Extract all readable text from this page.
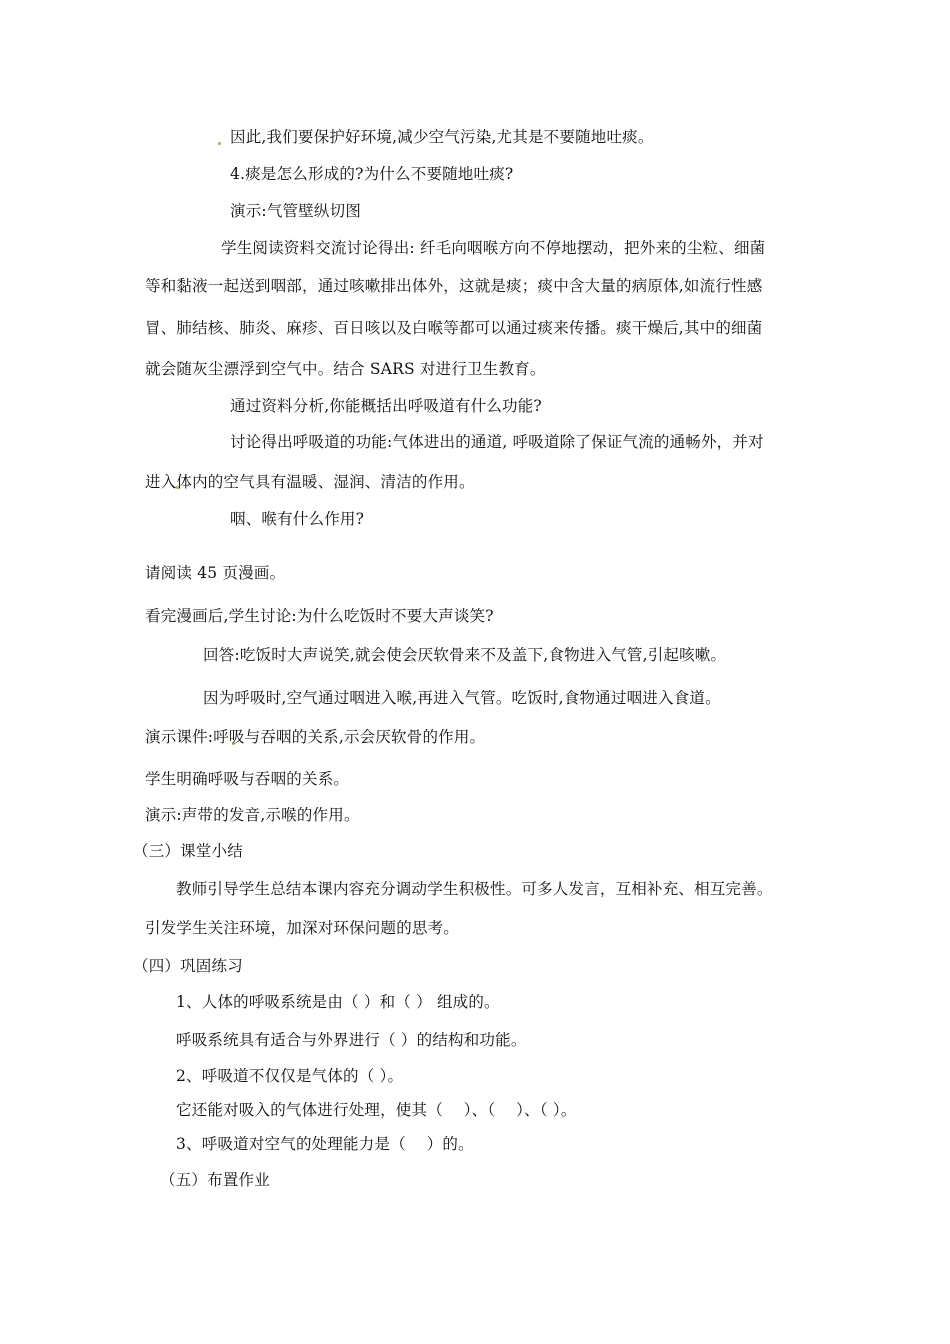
因此,我们要保护好环境,减少空气污染,尤其是不要随地吐痰。
4.痰是怎么形成的?为什么不要随地吐痰?
演示:气管壁纵切图
学生阅读资料交流讨论得出: 纤毛向咽喉方向不停地摆动，把外来的尘粒、细菌
等和黏液一起送到咽部，通过咳嗽排出体外，这就是痰；痰中含大量的病原体,如流行性感
冒、肺结核、肺炎、麻疹、百日咳以及白喉等都可以通过痰来传播。痰干燥后,其中的细菌
就会随灰尘漂浮到空气中。结合 SARS 对进行卫生教育。
通过资料分析,你能概括出呼吸道有什么功能?
讨论得出呼吸道的功能:气体进出的通道, 呼吸道除了保证气流的通畅外，并对
进入体内的空气具有温暖、湿润、清洁的作用。
咽、喉有什么作用?
请阅读 45 页漫画。
看完漫画后,学生讨论:为什么吃饭时不要大声谈笑?
回答:吃饭时大声说笑,就会使会厌软骨来不及盖下,食物进入气管,引起咳嗽。
因为呼吸时,空气通过咽进入喉,再进入气管。吃饭时,食物通过咽进入食道。
演示课件:呼吸与吞咽的关系,示会厌软骨的作用。
学生明确呼吸与吞咽的关系。
演示:声带的发音,示喉的作用。
（三）课堂小结
教师引导学生总结本课内容充分调动学生积极性。可多人发言，互相补充、相互完善。
引发学生关注环境，加深对环保问题的思考。
（四）巩固练习
1、人体的呼吸系统是由（ ）和（ ） 组成的。
呼吸系统具有适合与外界进行（ ）的结构和功能。
2、呼吸道不仅仅是气体的（ ）。
它还能对吸入的气体进行处理，使其（　 ）、（　 ）、（ ）。
3、呼吸道对空气的处理能力是（　 ）的。
（五）布置作业
